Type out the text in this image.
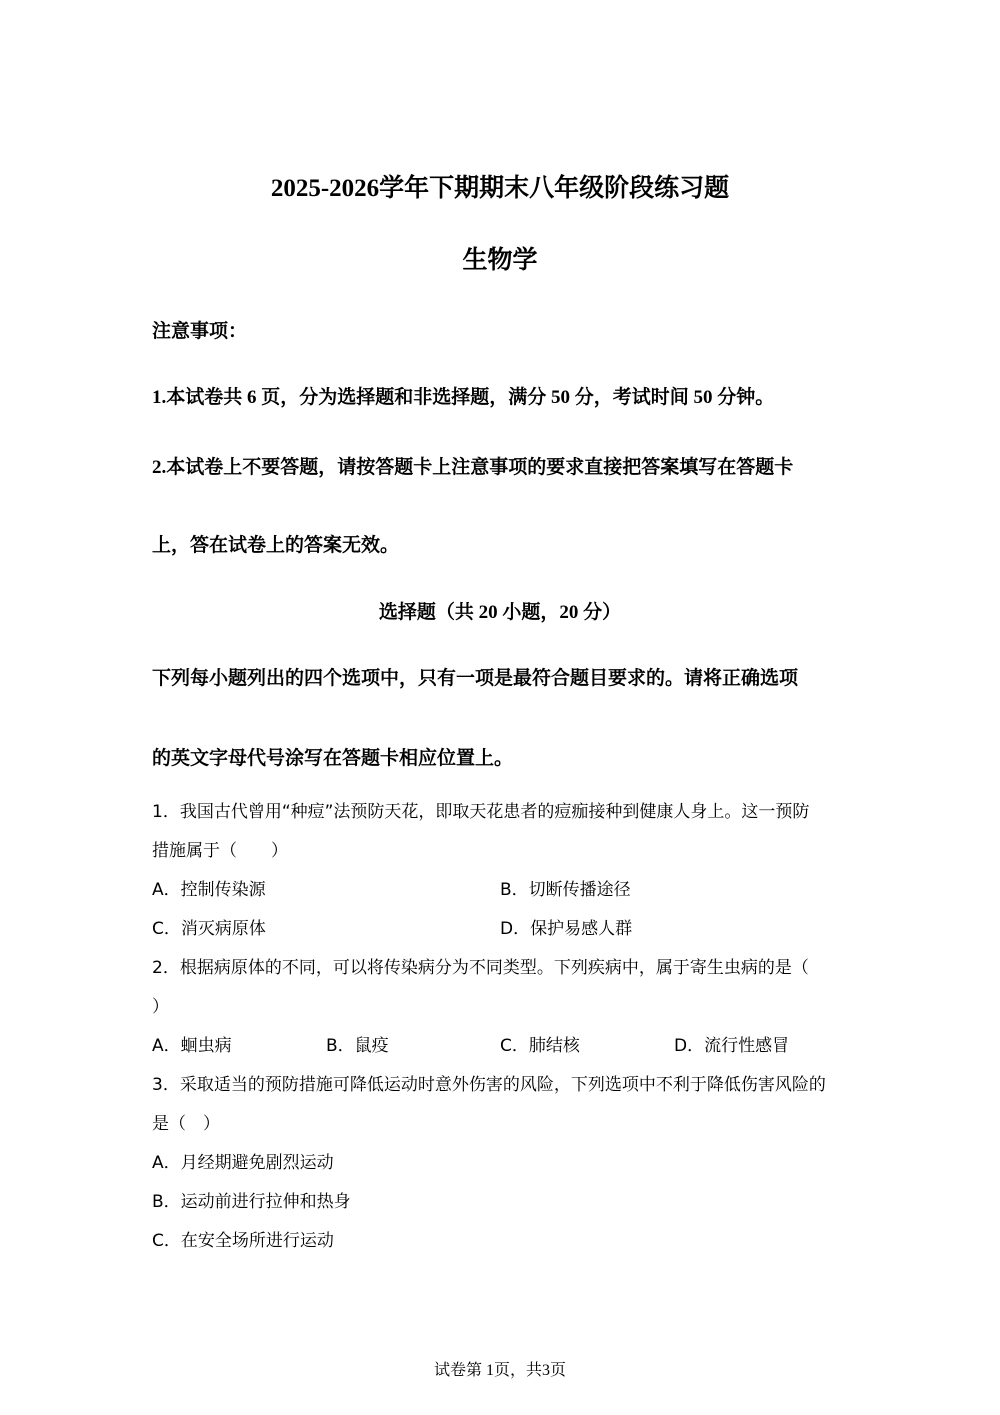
2025-2026学年下期期末八年级阶段练习题
生物学
注意事项：
1.本试卷共 6 页，分为选择题和非选择题，满分 50 分，考试时间 50 分钟。
2.本试卷上不要答题，请按答题卡上注意事项的要求直接把答案填写在答题卡
上，答在试卷上的答案无效。
选择题（共 20 小题，20 分）
下列每小题列出的四个选项中，只有一项是最符合题目要求的。请将正确选项
的英文字母代号涂写在答题卡相应位置上。
1．我国古代曾用“种痘”法预防天花，即取天花患者的痘痂接种到健康人身上。这一预防
措施属于（　　）
A．控制传染源	B．切断传播途径
C．消灭病原体	D．保护易感人群
2．根据病原体的不同，可以将传染病分为不同类型。下列疾病中，属于寄生虫病的是（
）
A．蛔虫病	B．鼠疫	C．肺结核	D．流行性感冒
3．采取适当的预防措施可降低运动时意外伤害的风险，下列选项中不利于降低伤害风险的
是（　）
A．月经期避免剧烈运动
B．运动前进行拉伸和热身
C．在安全场所进行运动
试卷第 1页，共3页
